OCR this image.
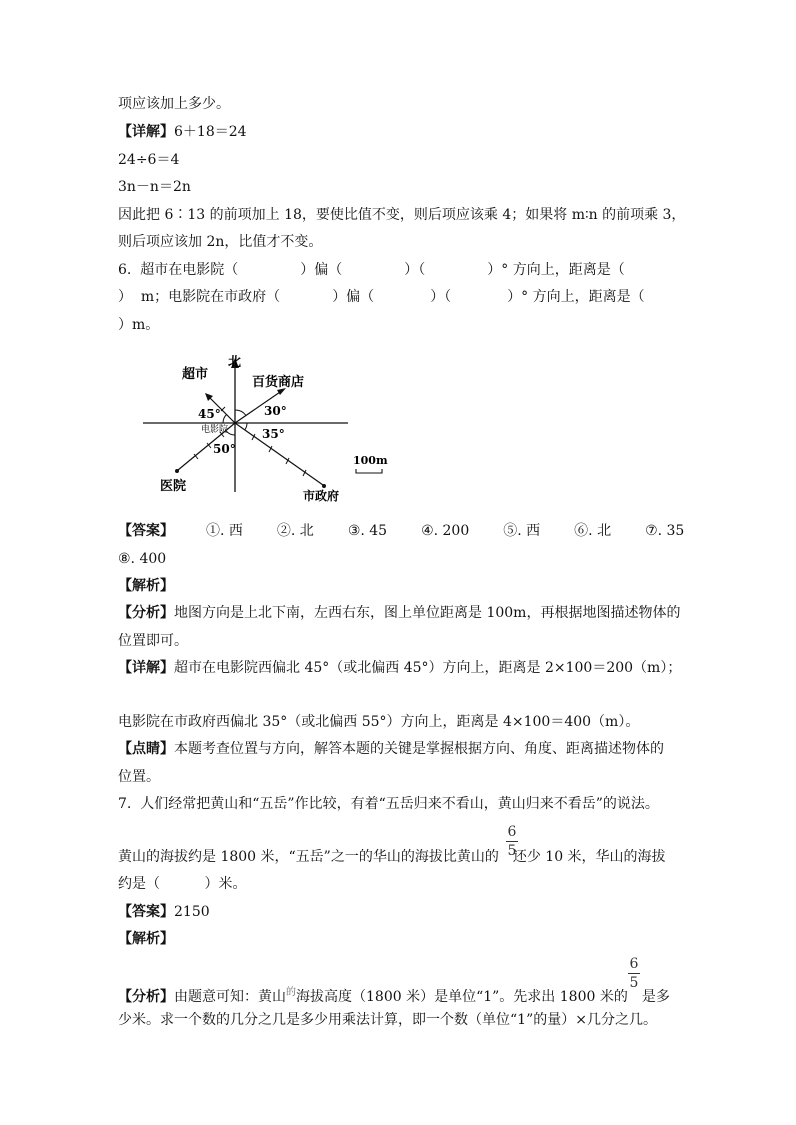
项应该加上多少。
【详解】6＋18＝24
24÷6＝4
3n－n＝2n
因此把 6∶13 的前项加上 18，要使比值不变，则后项应该乘 4；如果将 m∶n 的前项乘 3，
则后项应该加 2n，比值才不变。
6.  超市在电影院（	）偏（	）（	）° 方向上，距离是（
）  m；电影院在市政府（	）偏（	）（	）° 方向上，距离是（
）m。
北
超市
百货商店
医院
市政府
45°	30°
35°
50°
电影院
100m
【答案】 ①. 西 ②. 北 ③. 45 ④. 200 ⑤. 西 ⑥. 北 ⑦. 35
⑧. 400
【解析】
【分析】地图方向是上北下南，左西右东，图上单位距离是 100m，再根据地图描述物体的
位置即可。
【详解】超市在电影院西偏北 45°（或北偏西 45°）方向上，距离是 2×100＝200（m）；
电影院在市政府西偏北 35°（或北偏西 55°）方向上，距离是 4×100＝400（m）。
【点睛】本题考查位置与方向，解答本题的关键是掌握根据方向、角度、距离描述物体的
位置。
7.  人们经常把黄山和“五岳”作比较，有着“五岳归来不看山，黄山归来不看岳”的说法。
6
5
黄山的海拔约是 1800 米，“五岳”之一的华山的海拔比黄山的 还少 10 米，华山的海拔
约是（          ）米。
【答案】2150
【解析】
6
5
【分析】由题意可知：黄山$^的$海拔高度（1800 米）是单位“1”。先求出 1800 米的 是多
少米。求一个数的几分之几是多少用乘法计算，即一个数（单位“1”的量）×几分之几。
